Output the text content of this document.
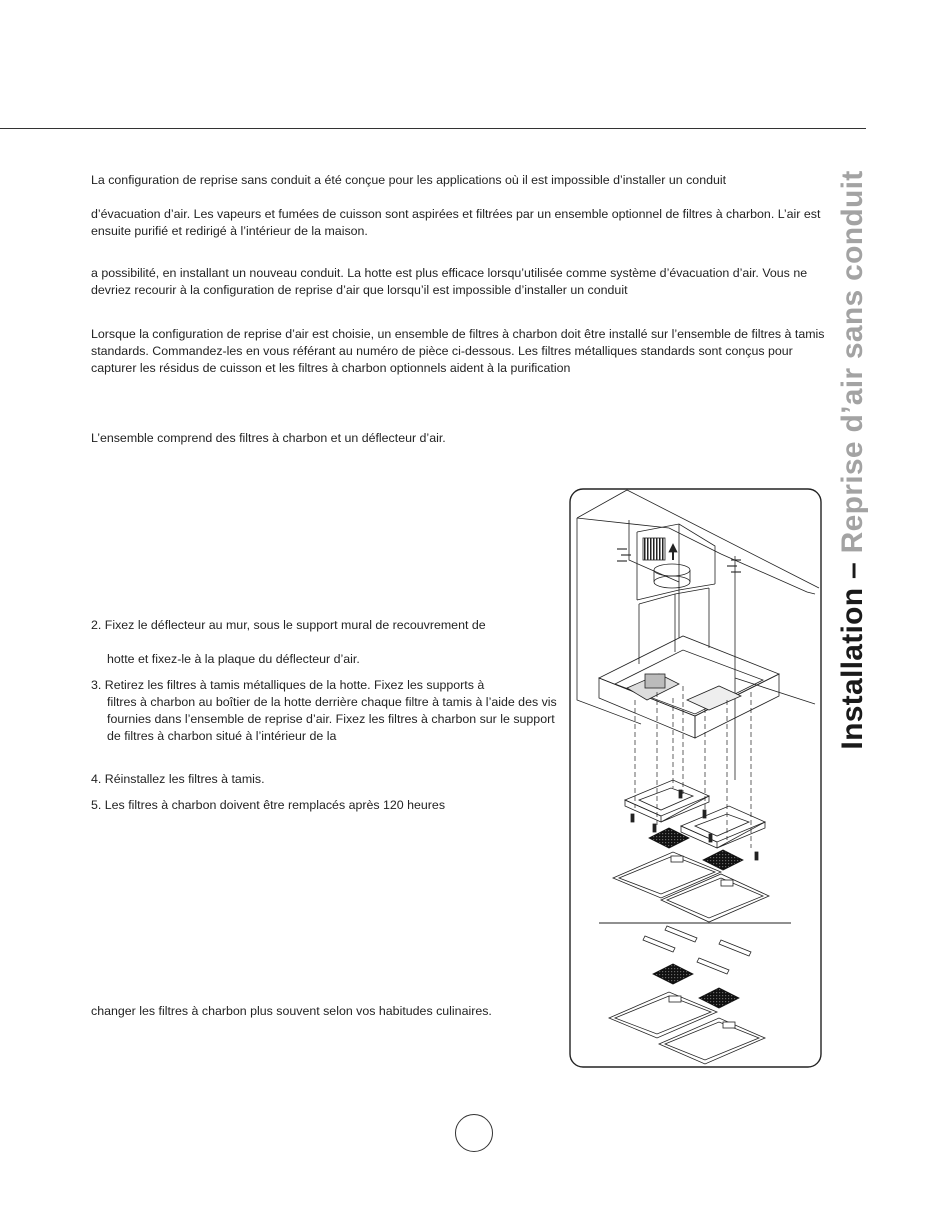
La configuration de reprise sans conduit a été conçue pour les applications où il est impossible d’installer un conduit

d’évacuation d’air. Les vapeurs et fumées de cuisson sont aspirées et filtrées par un ensemble optionnel de filtres à charbon. L’air est ensuite purifié et redirigé à l’intérieur de la maison.

a possibilité, en installant un nouveau conduit. La hotte est plus efficace lorsqu’utilisée comme système d’évacuation d’air. Vous ne devriez recourir à la configuration de reprise d’air que lorsqu’il est impossible d’installer un conduit

Lorsque la configuration de reprise d’air est choisie, un ensemble de filtres à charbon doit être installé sur l’ensemble de filtres à tamis standards. Commandez-les en vous référant au numéro de pièce ci-dessous. Les filtres métalliques standards sont conçus pour capturer les résidus de cuisson et les filtres à charbon optionnels aident à la purification

L’ensemble comprend des filtres à charbon et un déflecteur d’air.

2. Fixez le déflecteur au mur, sous le support mural de recouvrement de

hotte et fixez-le à la plaque du déflecteur d’air.

3. Retirez les filtres à tamis métalliques de la hotte. Fixez les supports à
filtres à charbon au boîtier de la hotte derrière chaque filtre à tamis à l’aide des vis fournies dans l’ensemble de reprise d’air. Fixez les filtres à charbon sur le support de filtres à charbon situé à l’intérieur de la

4. Réinstallez les filtres à tamis.

5. Les filtres à charbon doivent être remplacés après 120 heures

changer les filtres à charbon plus souvent selon vos habitudes culinaires.

Installation – Reprise d’air sans conduit
